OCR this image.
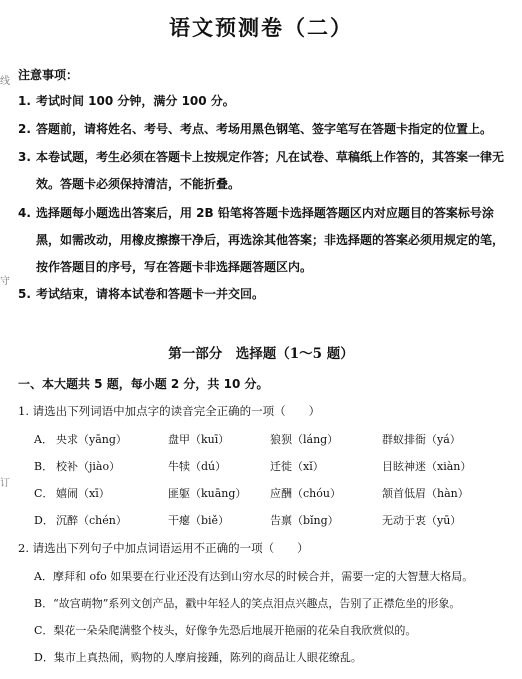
语文预测卷（二）
线
守
订
注意事项：
1. 考试时间 100 分钟，满分 100 分。
2. 答题前，请将姓名、考号、考点、考场用黑色钢笔、签字笔写在答题卡指定的位置上。
3. 本卷试题，考生必须在答题卡上按规定作答；凡在试卷、草稿纸上作答的，其答案一律无效。答题卡必须保持清洁，不能折叠。
4. 选择题每小题选出答案后，用 2B 铅笔将答题卡选择题答题区内对应题目的答案标号涂黑，如需改动，用橡皮擦擦干净后，再选涂其他答案；非选择题的答案必须用规定的笔，按作答题目的序号，写在答题卡非选择题答题区内。
5. 考试结束，请将本试卷和答题卡一并交回。
第一部分　选择题（1～5 题）
一、本大题共 5 题，每小题 2 分，共 10 分。
1. 请选出下列词语中加点字的读音完全正确的一项（　　）
A． 央求（yāng）	盘甲（kuī）	狼狈（láng）	群蚁排衙（yá）
B． 校补（jiào）	牛犊（dú）	迁徙（xǐ）	目眩神迷（xiàn）
C． 嬉闹（xī）	匪躯（kuāng） 应酬（chóu）	颔首低眉（hàn）
D． 沉醉（chén）	干瘪（biě）	告禀（bǐng）	无动于衷（yū）
2. 请选出下列句子中加点词语运用不正确的一项（　　）
A．摩拜和 ofo 如果要在行业还没有达到山穷水尽的时候合并，需要一定的大智慧大格局。
B．“故宫萌物”系列文创产品，戳中年轻人的笑点泪点兴趣点，告别了正襟危坐的形象。
C．梨花一朵朵爬满整个枝头，好像争先恐后地展开艳丽的花朵自我欣赏似的。
D．集市上真热闹，购物的人摩肩接踵，陈列的商品让人眼花缭乱。
